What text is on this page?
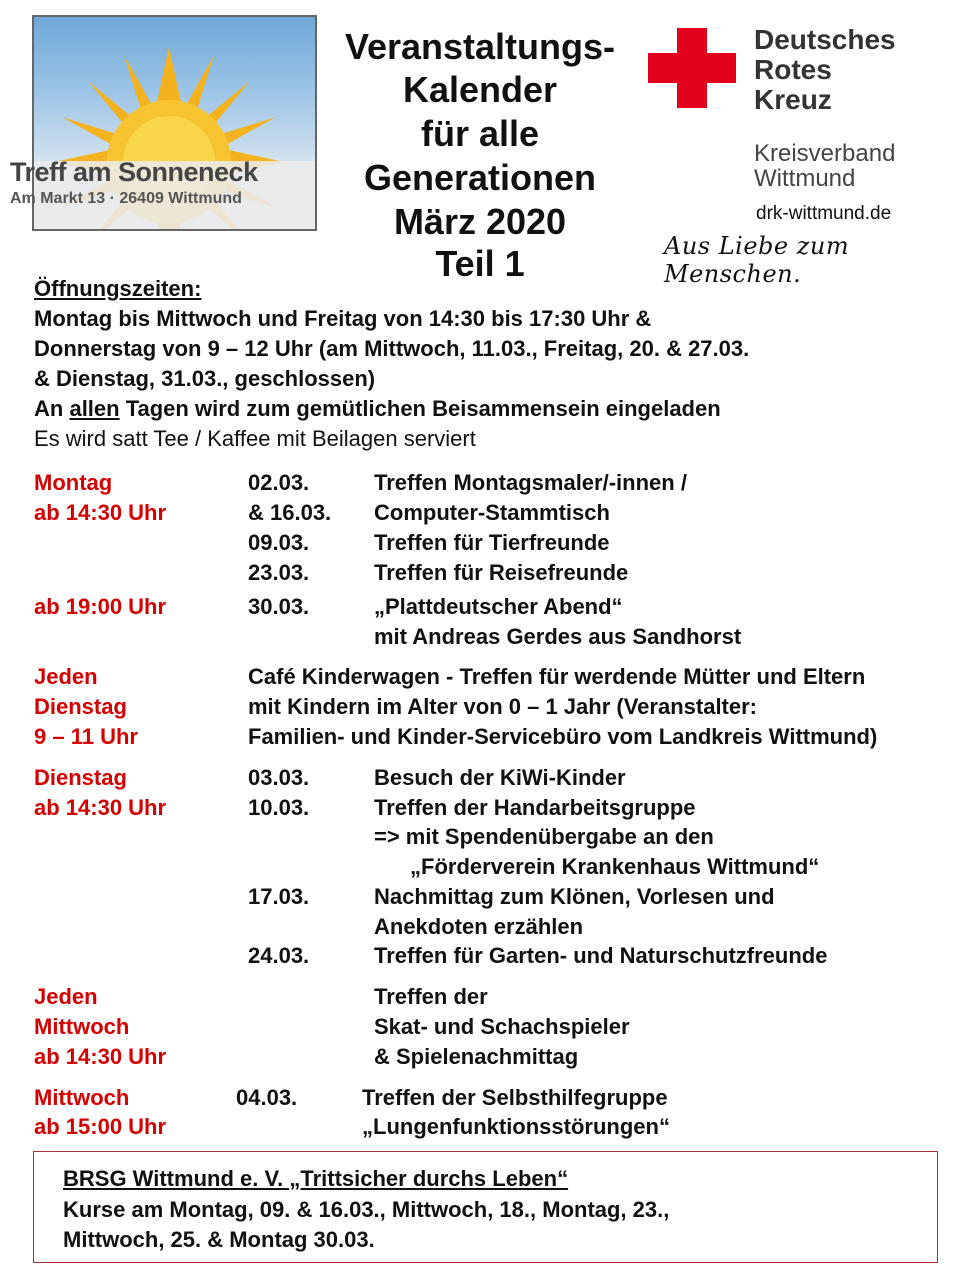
Treff am Sonneneck
Am Markt 13 · 26409 Wittmund
Veranstaltungs-
Kalender
für alle
Generationen
März 2020
Teil 1
Deutsches
Rotes
Kreuz
Kreisverband
Wittmund
drk-wittmund.de
Aus Liebe zum Menschen.
Öffnungszeiten:
Montag bis Mittwoch und Freitag von 14:30 bis 17:30 Uhr &
Donnerstag von 9 – 12 Uhr (am Mittwoch, 11.03., Freitag, 20. & 27.03.
& Dienstag, 31.03., geschlossen)
An allen Tagen wird zum gemütlichen Beisammensein eingeladen
Es wird satt Tee / Kaffee mit Beilagen serviert
Montag
ab 14:30 Uhr
02.03.	Treffen Montagsmaler/-innen /
& 16.03. Computer-Stammtisch
09.03.	Treffen für Tierfreunde
23.03.	Treffen für Reisefreunde
ab 19:00 Uhr	30.03.	„Plattdeutscher Abend“
mit Andreas Gerdes aus Sandhorst
Jeden
Dienstag
9 – 11 Uhr
Café Kinderwagen - Treffen für werdende Mütter und Eltern
mit Kindern im Alter von 0 – 1 Jahr (Veranstalter:
Familien- und Kinder-Servicebüro vom Landkreis Wittmund)
Dienstag
ab 14:30 Uhr
03.03.	Besuch der KiWi-Kinder
10.03.	Treffen der Handarbeitsgruppe
=> mit Spendenübergabe an den
„Förderverein Krankenhaus Wittmund“
17.03.	Nachmittag zum Klönen, Vorlesen und
Anekdoten erzählen
24.03.	Treffen für Garten- und Naturschutzfreunde
Jeden
Mittwoch
ab 14:30 Uhr
Treffen der
Skat- und Schachspieler
& Spielenachmittag
Mittwoch
ab 15:00 Uhr
04.03.	Treffen der Selbsthilfegruppe
„Lungenfunktionsstörungen“
BRSG Wittmund e. V. „Trittsicher durchs Leben“
Kurse am Montag, 09. & 16.03., Mittwoch, 18., Montag, 23.,
Mittwoch, 25. & Montag 30.03.
